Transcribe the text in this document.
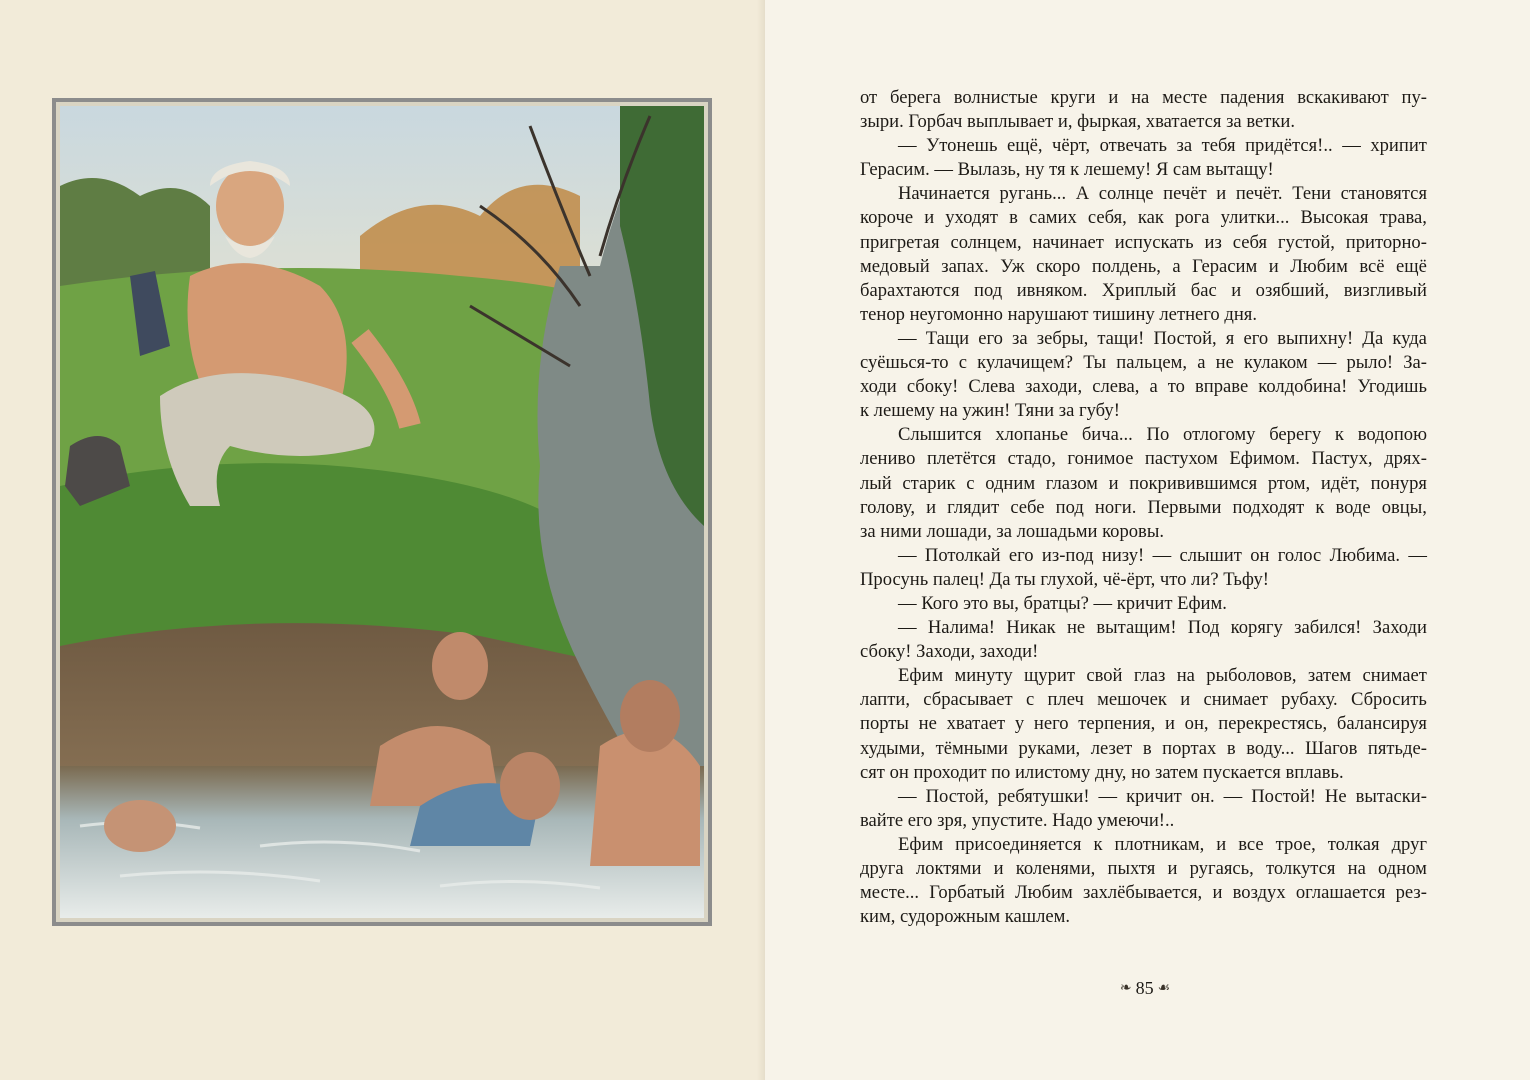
от берега волнистые круги и на месте падения вскакивают пу-
зыри. Горбач выплывает и, фыркая, хватается за ветки.
— Утонешь ещё, чёрт, отвечать за тебя придётся!.. — хрипит
Герасим. — Вылазь, ну тя к лешему! Я сам вытащу!
Начинается ругань... А солнце печёт и печёт. Тени становятся
короче и уходят в самих себя, как рога улитки... Высокая трава,
пригретая солнцем, начинает испускать из себя густой, приторно-
медовый запах. Уж скоро полдень, а Герасим и Любим всё ещё
барахтаются под ивняком. Хриплый бас и озябший, визгливый
тенор неугомонно нарушают тишину летнего дня.
— Тащи его за зебры, тащи! Постой, я его выпихну! Да куда
суёшься-то с кулачищем? Ты пальцем, а не кулаком — рыло! За-
ходи сбоку! Слева заходи, слева, а то вправе колдобина! Угодишь
к лешему на ужин! Тяни за губу!
Слышится хлопанье бича... По отлогому берегу к водопою
лениво плетётся стадо, гонимое пастухом Ефимом. Пастух, дрях-
лый старик с одним глазом и покривившимся ртом, идёт, понуря
голову, и глядит себе под ноги. Первыми подходят к воде овцы,
за ними лошади, за лошадьми коровы.
— Потолкай его из-под низу! — слышит он голос Любима. —
Просунь палец! Да ты глухой, чё-ёрт, что ли? Тьфу!
— Кого это вы, братцы? — кричит Ефим.
— Налима! Никак не вытащим! Под корягу забился! Заходи
сбоку! Заходи, заходи!
Ефим минуту щурит свой глаз на рыболовов, затем снимает
лапти, сбрасывает с плеч мешочек и снимает рубаху. Сбросить
порты не хватает у него терпения, и он, перекрестясь, балансируя
худыми, тёмными руками, лезет в портах в воду... Шагов пятьде-
сят он проходит по илистому дну, но затем пускается вплавь.
— Постой, ребятушки! — кричит он. — Постой! Не вытаски-
вайте его зря, упустите. Надо умеючи!..
Ефим присоединяется к плотникам, и все трое, толкая друг
друга локтями и коленями, пыхтя и ругаясь, толкутся на одном
месте... Горбатый Любим захлёбывается, и воздух оглашается рез-
ким, судорожным кашлем.
❧ 85 ☙
